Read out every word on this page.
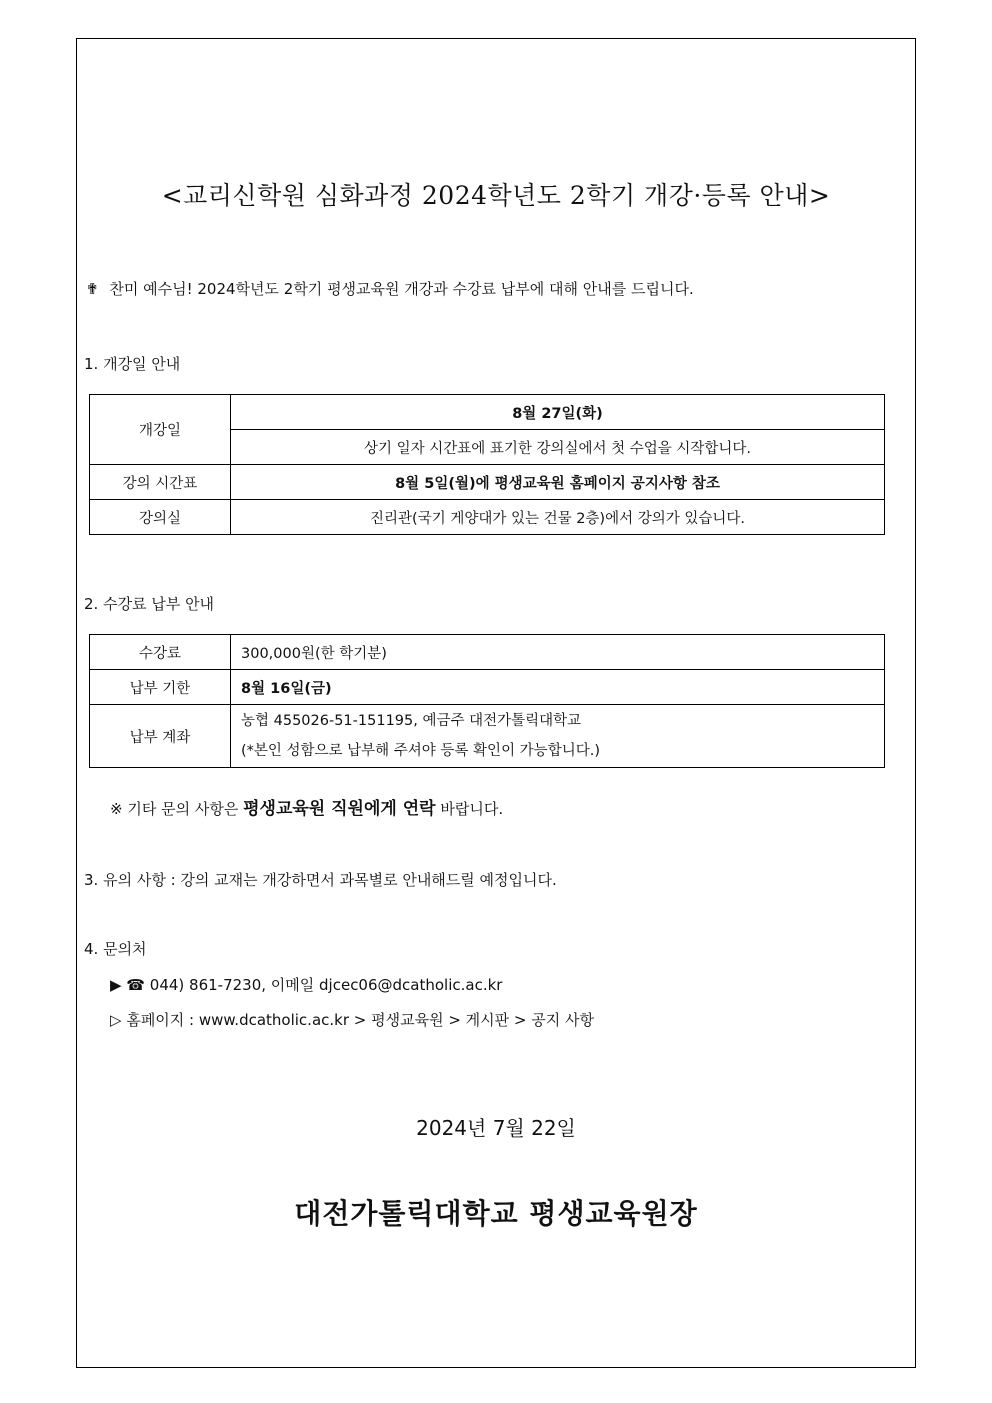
<교리신학원 심화과정 2024학년도 2학기 개강·등록 안내>
✟ 찬미 예수님! 2024학년도 2학기 평생교육원 개강과 수강료 납부에 대해 안내를 드립니다.
1. 개강일 안내
개강일	8월 27일(화)
	상기 일자 시간표에 표기한 강의실에서 첫 수업을 시작합니다.
강의 시간표	8월 5일(월)에 평생교육원 홈페이지 공지사항 참조
강의실	진리관(국기 게양대가 있는 건물 2층)에서 강의가 있습니다.
2. 수강료 납부 안내
수강료	300,000원(한 학기분)
납부 기한	8월 16일(금)
납부 계좌	농협 455026-51-151195, 예금주 대전가톨릭대학교
(*본인 성함으로 납부해 주셔야 등록 확인이 가능합니다.)
※ 기타 문의 사항은 평생교육원 직원에게 연락 바랍니다.
3. 유의 사항 : 강의 교재는 개강하면서 과목별로 안내해드릴 예정입니다.
4. 문의처
▶ ☎ 044) 861-7230, 이메일 djcec06@dcatholic.ac.kr
▷ 홈페이지 : www.dcatholic.ac.kr > 평생교육원 > 게시판 > 공지 사항
2024년 7월 22일
대전가톨릭대학교 평생교육원장
